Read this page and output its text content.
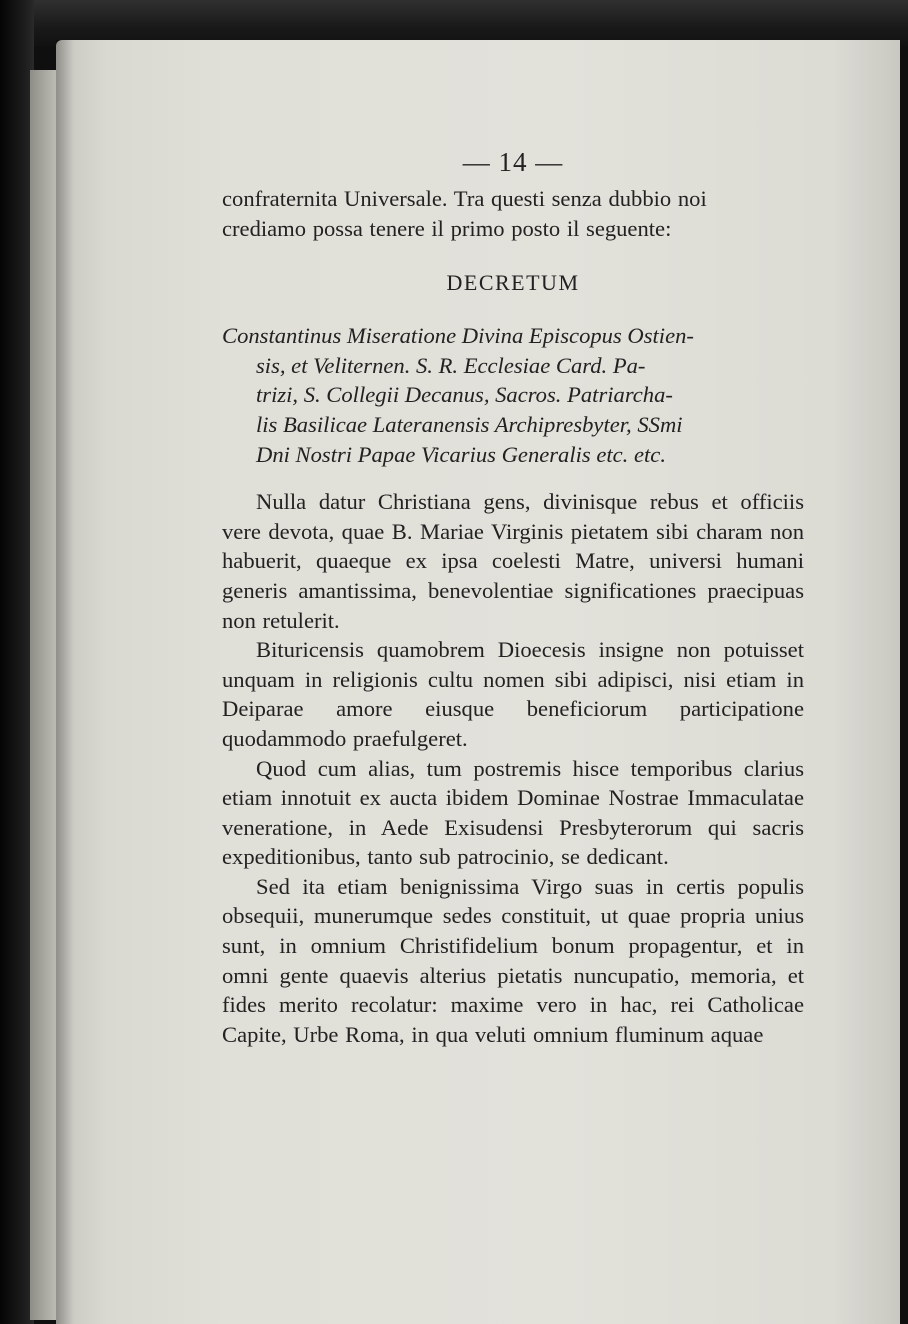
— 14 —

confraternita Universale. Tra questi senza dubbio noi
crediamo possa tenere il primo posto il seguente:

DECRETUM
Constantinus Miseratione Divina Episcopus Ostien-
sis, et Veliternen. S. R. Ecclesiae Card. Pa-
trizi, S. Collegii Decanus, Sacros. Patriarcha-
lis Basilicae Lateranensis Archipresbyter, SSmi
Dni Nostri Papae Vicarius Generalis etc. etc.

Nulla datur Christiana gens, divinisque rebus et officiis vere devota, quae B. Mariae Virginis pietatem sibi charam non habuerit, quaeque ex ipsa coelesti Matre, universi humani generis amantissima, benevolentiae significationes praecipuas non retulerit.

Bituricensis quamobrem Dioecesis insigne non potuisset unquam in religionis cultu nomen sibi adipisci, nisi etiam in Deiparae amore eiusque beneficiorum participatione quodammodo praefulgeret.

Quod cum alias, tum postremis hisce temporibus clarius etiam innotuit ex aucta ibidem Dominae Nostrae Immaculatae veneratione, in Aede Exisudensi Presbyterorum qui sacris expeditionibus, tanto sub patrocinio, se dedicant.

Sed ita etiam benignissima Virgo suas in certis populis obsequii, munerumque sedes constituit, ut quae propria unius sunt, in omnium Christifidelium bonum propagentur, et in omni gente quaevis alterius pietatis nuncupatio, memoria, et fides merito recolatur: maxime vero in hac, rei Catholicae Capite, Urbe Roma, in qua veluti omnium fluminum aquae
